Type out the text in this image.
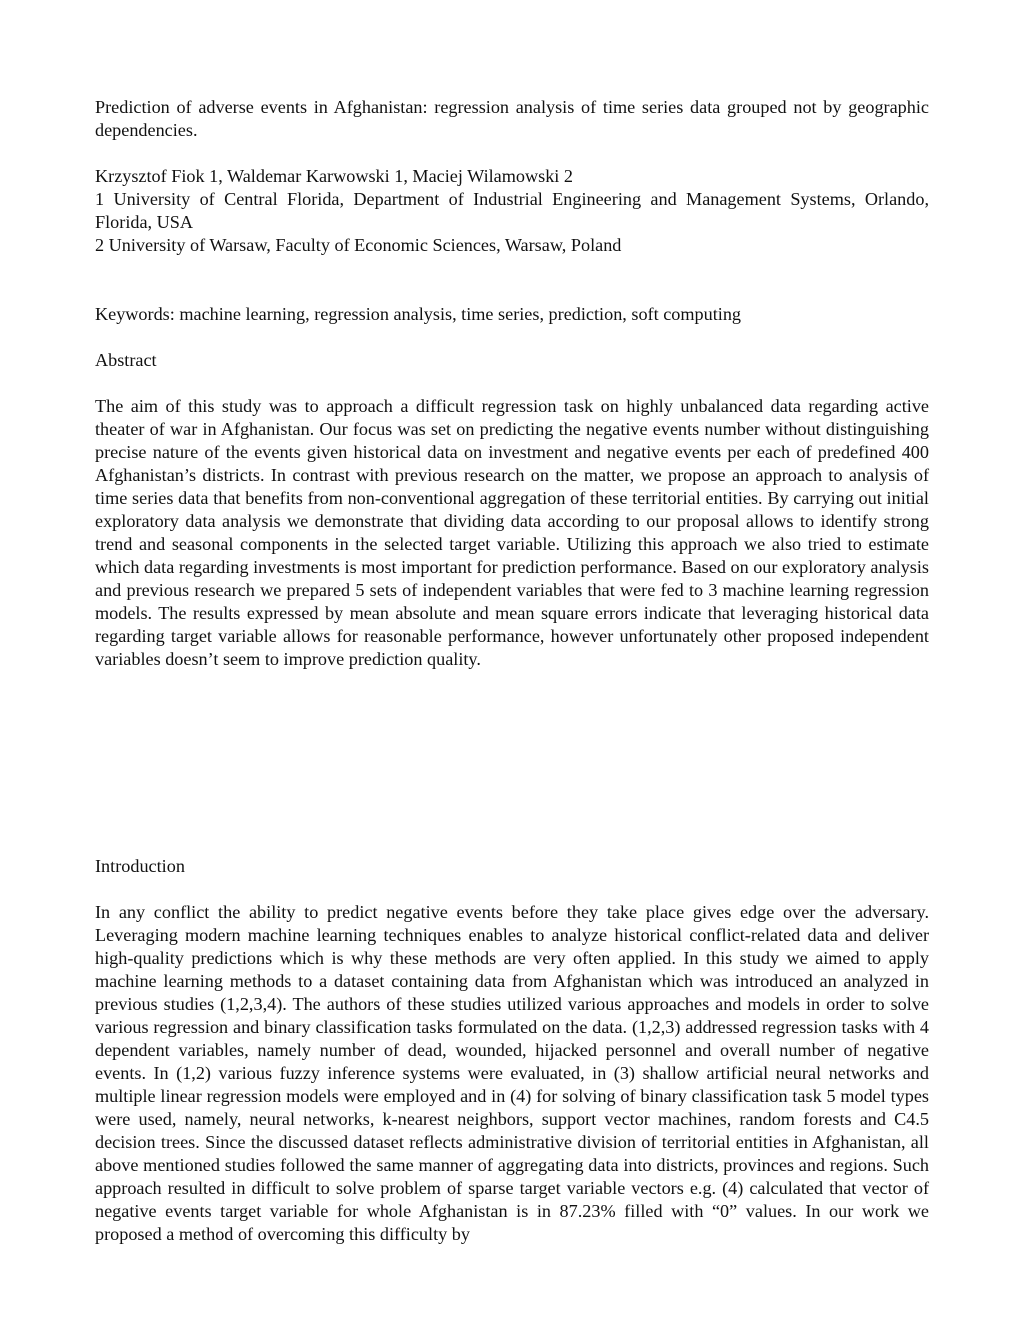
Prediction of adverse events in Afghanistan: regression analysis of time series data grouped not by geographic dependencies.

Krzysztof Fiok 1, Waldemar Karwowski 1, Maciej Wilamowski 2

1 University of Central Florida, Department of Industrial Engineering and Management Systems, Orlando, Florida, USA

2 University of Warsaw, Faculty of Economic Sciences, Warsaw, Poland

Keywords: machine learning, regression analysis, time series, prediction, soft computing

Abstract

The aim of this study was to approach a difficult regression task on highly unbalanced data regarding active theater of war in Afghanistan. Our focus was set on predicting the negative events number without distinguishing precise nature of the events given historical data on investment and negative events per each of predefined 400 Afghanistan’s districts. In contrast with previous research on the matter, we propose an approach to analysis of time series data that benefits from non-conventional aggregation of these territorial entities. By carrying out initial exploratory data analysis we demonstrate that dividing data according to our proposal allows to identify strong trend and seasonal components in the selected target variable. Utilizing this approach we also tried to estimate which data regarding investments is most important for prediction performance. Based on our exploratory analysis and previous research we prepared 5 sets of independent variables that were fed to 3 machine learning regression models. The results expressed by mean absolute and mean square errors indicate that leveraging historical data regarding target variable allows for reasonable performance, however unfortunately other proposed independent variables doesn’t seem to improve prediction quality.

Introduction

In any conflict the ability to predict negative events before they take place gives edge over the adversary. Leveraging modern machine learning techniques enables to analyze historical conflict-related data and deliver high-quality predictions which is why these methods are very often applied. In this study we aimed to apply machine learning methods to a dataset containing data from Afghanistan which was introduced an analyzed in previous studies (1,2,3,4). The authors of these studies utilized various approaches and models in order to solve various regression and binary classification tasks formulated on the data. (1,2,3) addressed regression tasks with 4 dependent variables, namely number of dead, wounded, hijacked personnel and overall number of negative events. In (1,2) various fuzzy inference systems were evaluated, in (3) shallow artificial neural networks and multiple linear regression models were employed and in (4) for solving of binary classification task 5 model types were used, namely, neural networks, k-nearest neighbors, support vector machines, random forests and C4.5 decision trees. Since the discussed dataset reflects administrative division of territorial entities in Afghanistan, all above mentioned studies followed the same manner of aggregating data into districts, provinces and regions. Such approach resulted in difficult to solve problem of sparse target variable vectors e.g. (4) calculated that vector of negative events target variable for whole Afghanistan is in 87.23% filled with “0” values. In our work we proposed a method of overcoming this difficulty by
